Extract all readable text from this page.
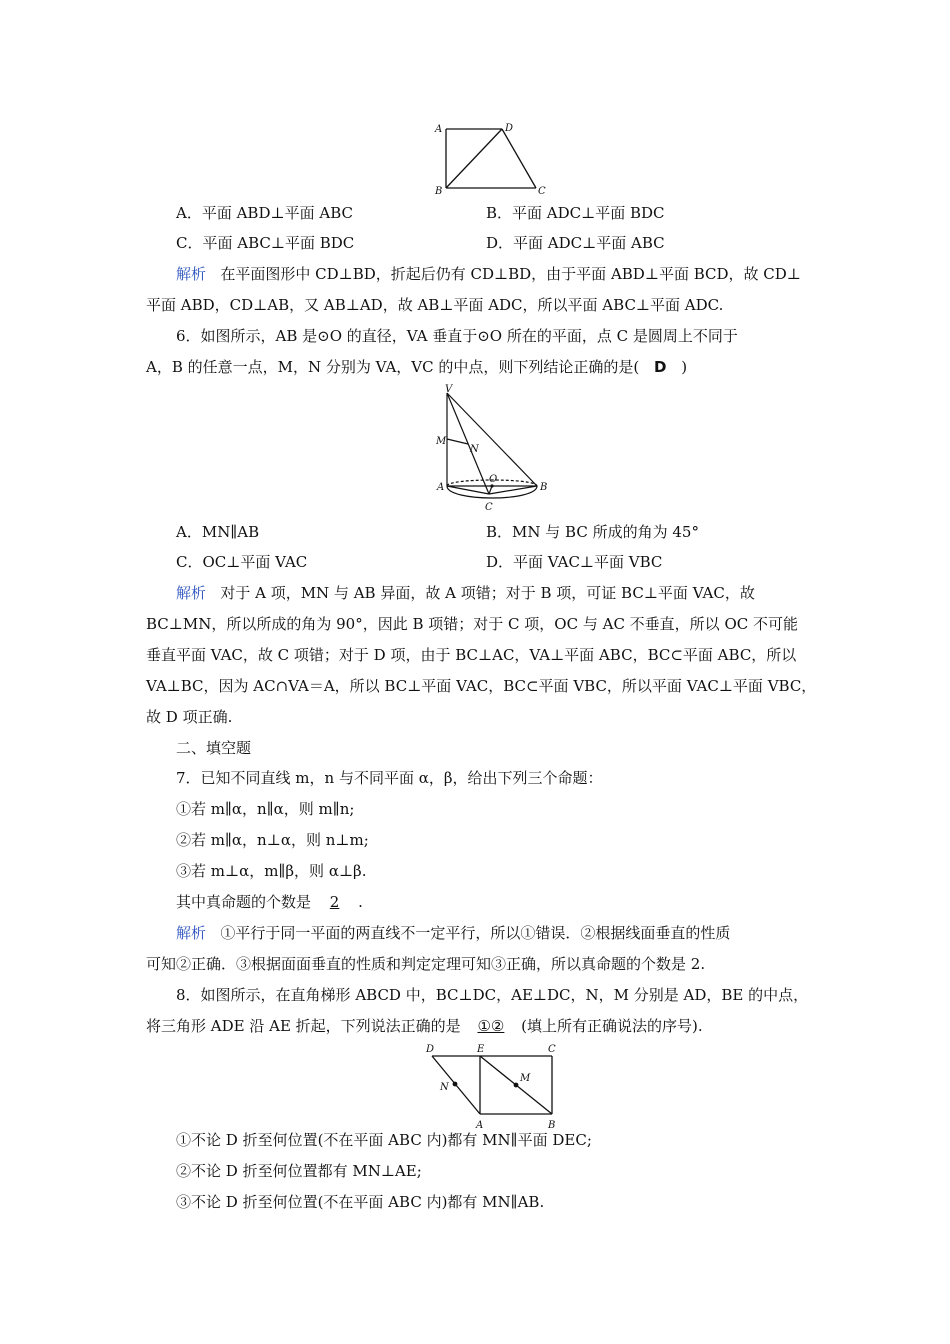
A	D
B	C
A．平面 ABD⊥平面 ABC	B．平面 ADC⊥平面 BDC
C．平面 ABC⊥平面 BDC	D．平面 ADC⊥平面 ABC
解析 在平面图形中 CD⊥BD，折起后仍有 CD⊥BD，由于平面 ABD⊥平面 BCD，故 CD⊥
平面 ABD，CD⊥AB，又 AB⊥AD，故 AB⊥平面 ADC，所以平面 ABC⊥平面 ADC.
6．如图所示，AB 是⊙O 的直径，VA 垂直于⊙O 所在的平面，点 C 是圆周上不同于
A，B 的任意一点，M，N 分别为 VA，VC 的中点，则下列结论正确的是( D )
V
M
N
O
A
C
B
A．MN∥AB	B．MN 与 BC 所成的角为 45°
C．OC⊥平面 VAC	D．平面 VAC⊥平面 VBC
解析 对于 A 项，MN 与 AB 异面，故 A 项错；对于 B 项，可证 BC⊥平面 VAC，故
BC⊥MN，所以所成的角为 90°，因此 B 项错；对于 C 项，OC 与 AC 不垂直，所以 OC 不可能
垂直平面 VAC，故 C 项错；对于 D 项，由于 BC⊥AC，VA⊥平面 ABC，BC⊂平面 ABC，所以
VA⊥BC，因为 AC∩VA＝A，所以 BC⊥平面 VAC，BC⊂平面 VBC，所以平面 VAC⊥平面 VBC，
故 D 项正确.
二、填空题
7．已知不同直线 m，n 与不同平面 α，β，给出下列三个命题：
①若 m∥α，n∥α，则 m∥n;
②若 m∥α，n⊥α，则 n⊥m;
③若 m⊥α，m∥β，则 α⊥β.
其中真命题的个数是 2 .
解析 ①平行于同一平面的两直线不一定平行，所以①错误．②根据线面垂直的性质
可知②正确．③根据面面垂直的性质和判定定理可知③正确，所以真命题的个数是 2.
8．如图所示，在直角梯形 ABCD 中，BC⊥DC，AE⊥DC，N，M 分别是 AD，BE 的中点，
将三角形 ADE 沿 AE 折起，下列说法正确的是 ①② (填上所有正确说法的序号).
D	E	C
N
M
A	B
①不论 D 折至何位置(不在平面 ABC 内)都有 MN∥平面 DEC;
②不论 D 折至何位置都有 MN⊥AE;
③不论 D 折至何位置(不在平面 ABC 内)都有 MN∥AB.
